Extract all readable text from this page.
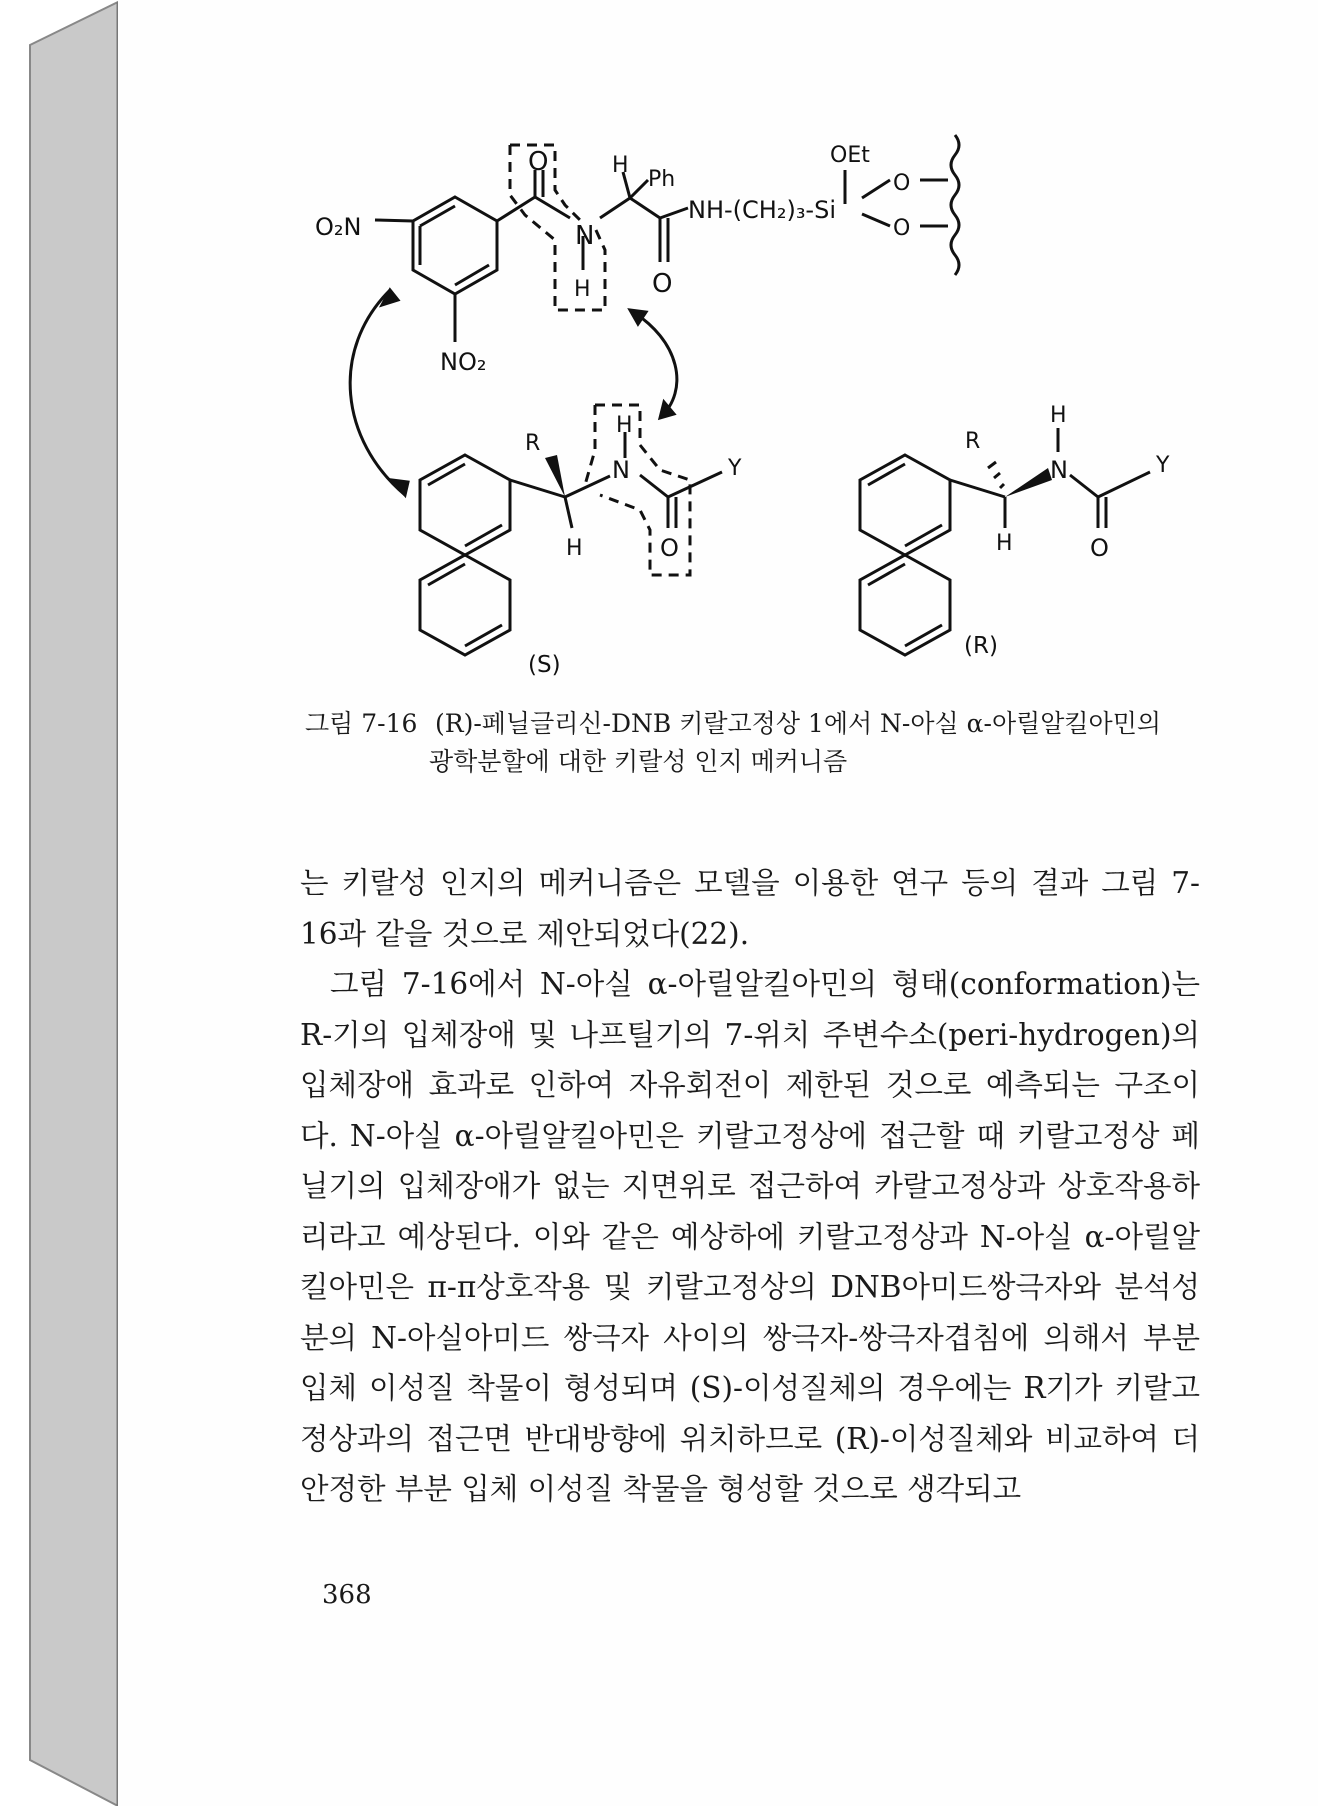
O₂N
O
N
H
H
Ph
NH-(CH₂)₃-Si
OEt
O
O
O
NO₂
R
H
N	Y
H	O
(S)
R
H
N	Y
H	O
(R)
그림 7-16 (R)-페닐글리신-DNB 키랄고정상 1에서 N-아실 α-아릴알킬아민의
광학분할에 대한 키랄성 인지 메커니즘

는 키랄성 인지의 메커니즘은 모델을 이용한 연구 등의 결과 그림 7-16과 같을 것으로 제안되었다(22).

그림 7-16에서 N-아실 α-아릴알킬아민의 형태(conformation)는 R-기의 입체장애 및 나프틸기의 7-위치 주변수소(peri-hydrogen)의 입체장애 효과로 인하여 자유회전이 제한된 것으로 예측되는 구조이다. N-아실 α-아릴알킬아민은 키랄고정상에 접근할 때 키랄고정상 페닐기의 입체장애가 없는 지면위로 접근하여 카랄고정상과 상호작용하리라고 예상된다. 이와 같은 예상하에 키랄고정상과 N-아실 α-아릴알킬아민은 π-π상호작용 및 키랄고정상의 DNB아미드쌍극자와 분석성분의 N-아실아미드 쌍극자 사이의 쌍극자-쌍극자겹침에 의해서 부분 입체 이성질 착물이 형성되며 (S)-이성질체의 경우에는 R기가 키랄고정상과의 접근면 반대방향에 위치하므로 (R)-이성질체와 비교하여 더 안정한 부분 입체 이성질 착물을 형성할 것으로 생각되고

368
